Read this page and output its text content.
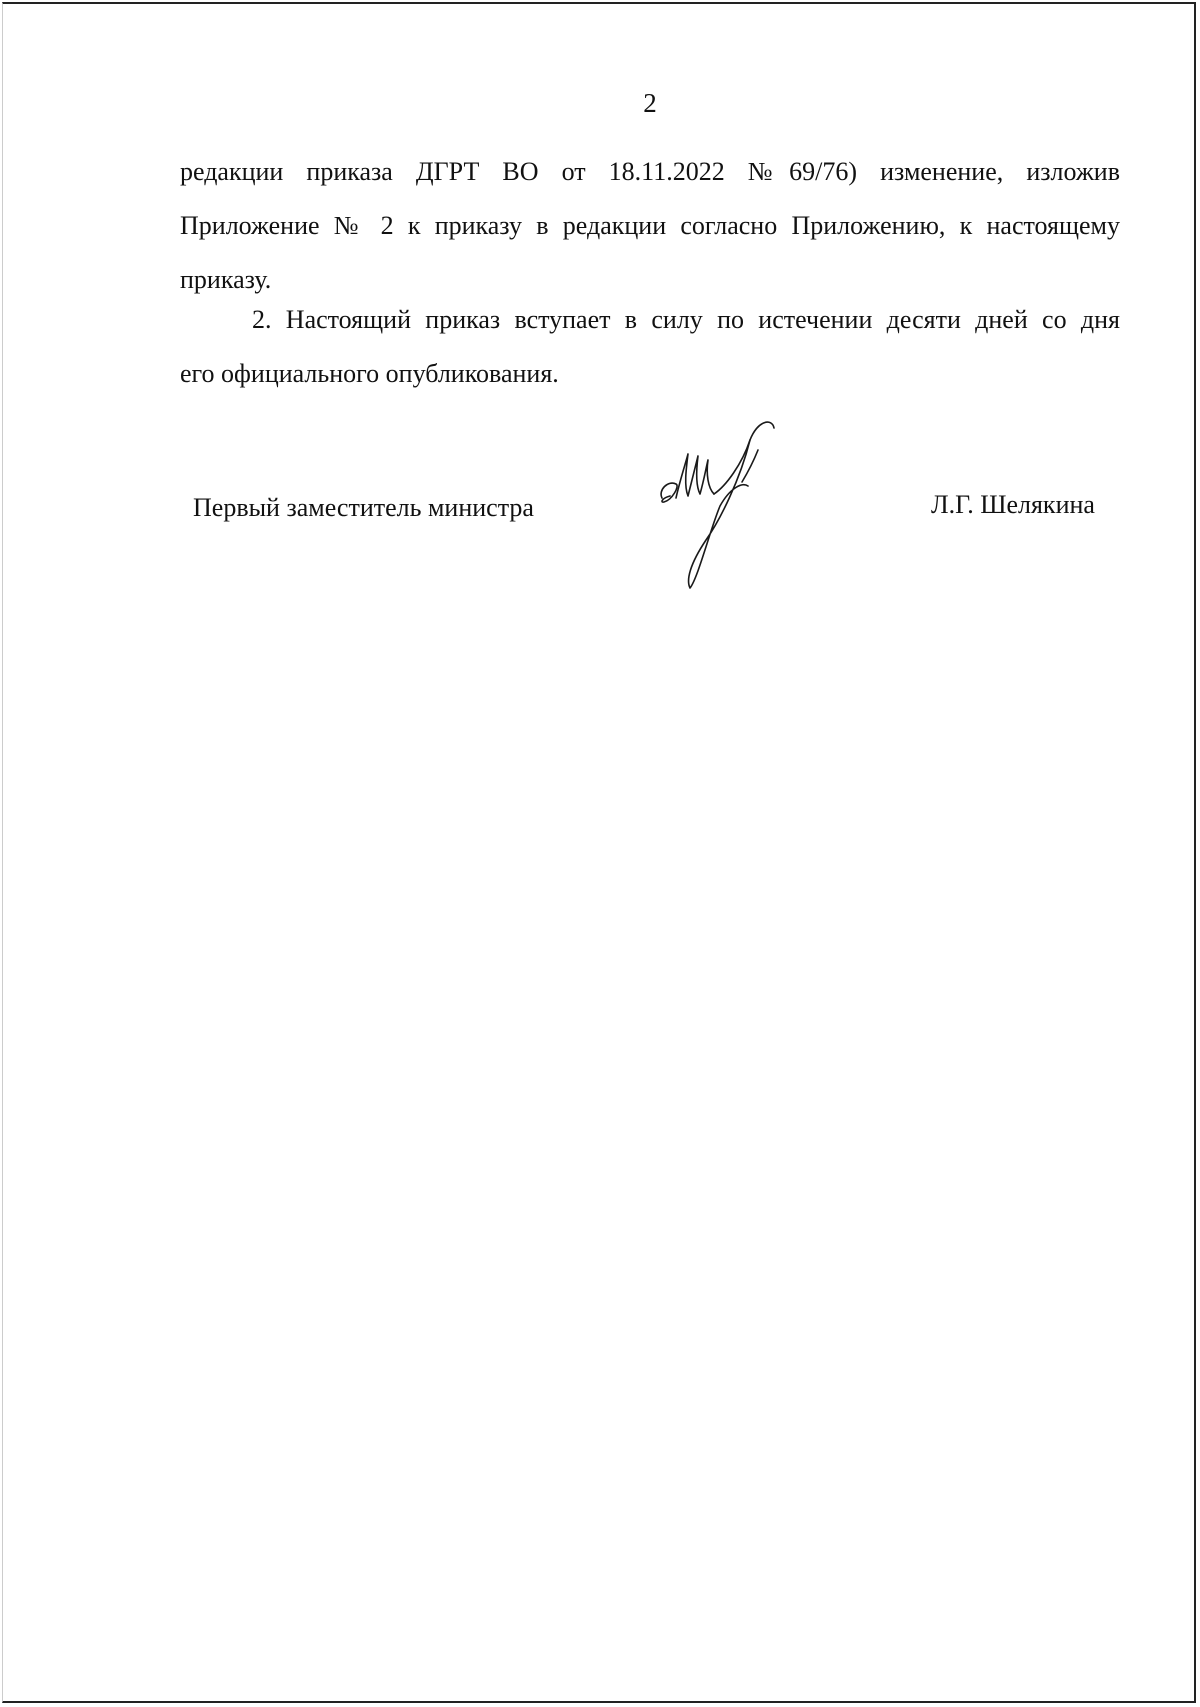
2

редакции приказа ДГРТ ВО от 18.11.2022 №69/76) изменение, изложив
Приложение № 2 к приказу в редакции согласно Приложению, к настоящему
приказу.

2. Настоящий приказ вступает в силу по истечении десяти дней со дня
его официального опубликования.

Первый заместитель министра	Л.Г. Шелякина
